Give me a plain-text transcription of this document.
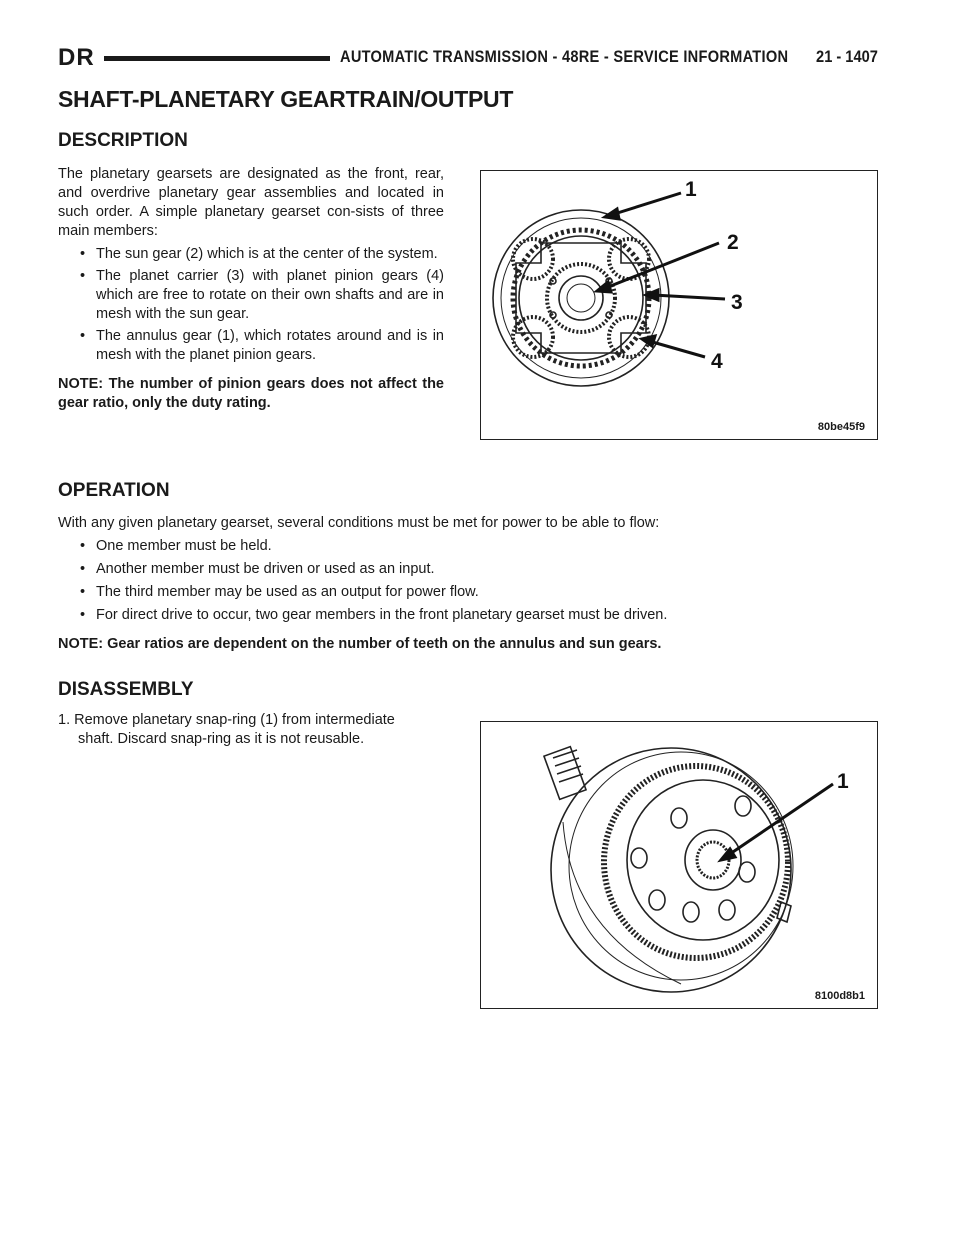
DR	AUTOMATIC TRANSMISSION - 48RE - SERVICE INFORMATION 21 - 1407
SHAFT-PLANETARY GEARTRAIN/OUTPUT
DESCRIPTION

The planetary gearsets are designated as the front, rear, and overdrive planetary gear assemblies and located in such order. A simple planetary gearset con-sists of three main members:

• The sun gear (2) which is at the center of the system.
• The planet carrier (3) with planet pinion gears (4) which are free to rotate on their own shafts and are in mesh with the sun gear.
• The annulus gear (1), which rotates around and is in mesh with the planet pinion gears.

NOTE: The number of pinion gears does not affect the gear ratio, only the duty rating.

1
2
3
4
80be45f9
OPERATION

With any given planetary gearset, several conditions must be met for power to be able to flow:

• One member must be held.
• Another member must be driven or used as an input.
• The third member may be used as an output for power flow.
• For direct drive to occur, two gear members in the front planetary gearset must be driven.

NOTE: Gear ratios are dependent on the number of teeth on the annulus and sun gears.

DISASSEMBLY

1. Remove planetary snap-ring (1) from intermediate

shaft. Discard snap-ring as it is not reusable.

1
8100d8b1
